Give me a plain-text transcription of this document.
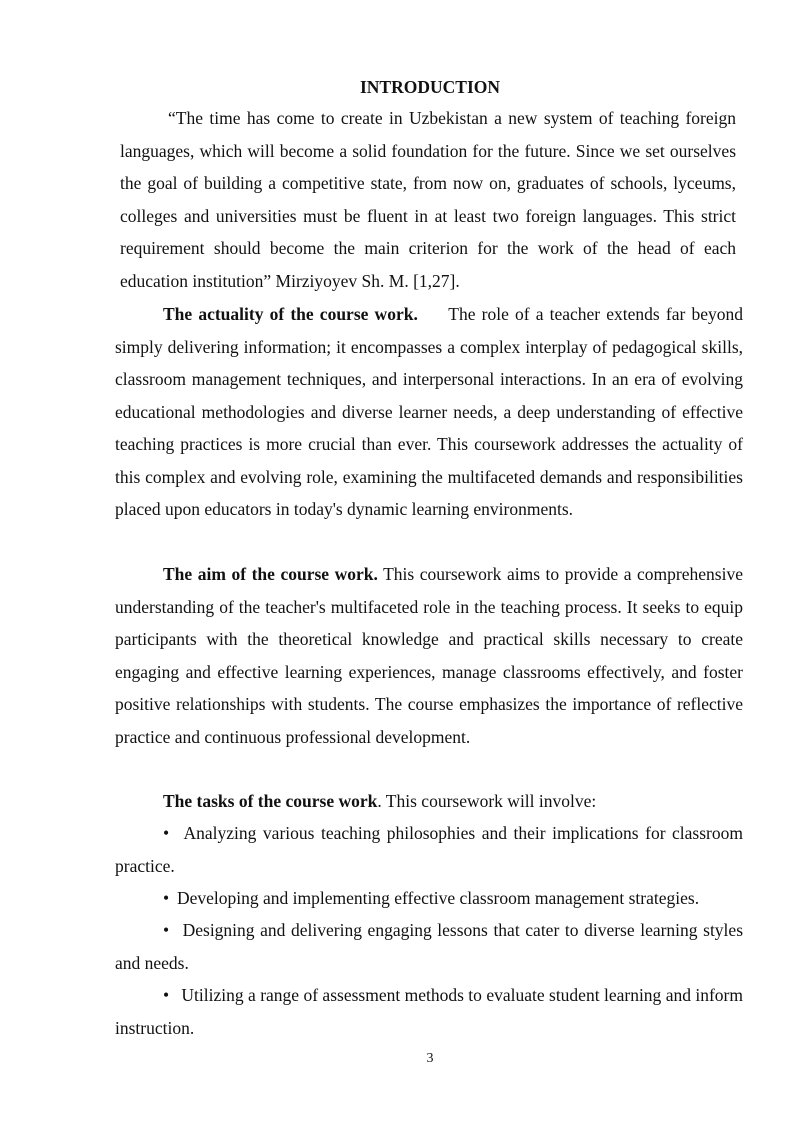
INTRODUCTION

“The time has come to create in Uzbekistan a new system of teaching foreign languages, which will become a solid foundation for the future. Since we set ourselves the goal of building a competitive state, from now on, graduates of schools, lyceums, colleges and universities must be fluent in at least two foreign languages. This strict requirement should become the main criterion for the work of the head of each education institution” Mirziyoyev Sh. M. [1,27].

The actuality of the course work. The role of a teacher extends far beyond simply delivering information; it encompasses a complex interplay of pedagogical skills, classroom management techniques, and interpersonal interactions. In an era of evolving educational methodologies and diverse learner needs, a deep understanding of effective teaching practices is more crucial than ever. This coursework addresses the actuality of this complex and evolving role, examining the multifaceted demands and responsibilities placed upon educators in today's dynamic learning environments.

The aim of the course work. This coursework aims to provide a comprehensive understanding of the teacher's multifaceted role in the teaching process. It seeks to equip participants with the theoretical knowledge and practical skills necessary to create engaging and effective learning experiences, manage classrooms effectively, and foster positive relationships with students. The course emphasizes the importance of reflective practice and continuous professional development.

The tasks of the course work. This coursework will involve:

• Analyzing various teaching philosophies and their implications for classroom practice.

• Developing and implementing effective classroom management strategies.

• Designing and delivering engaging lessons that cater to diverse learning styles and needs.

• Utilizing a range of assessment methods to evaluate student learning and inform instruction.

3
